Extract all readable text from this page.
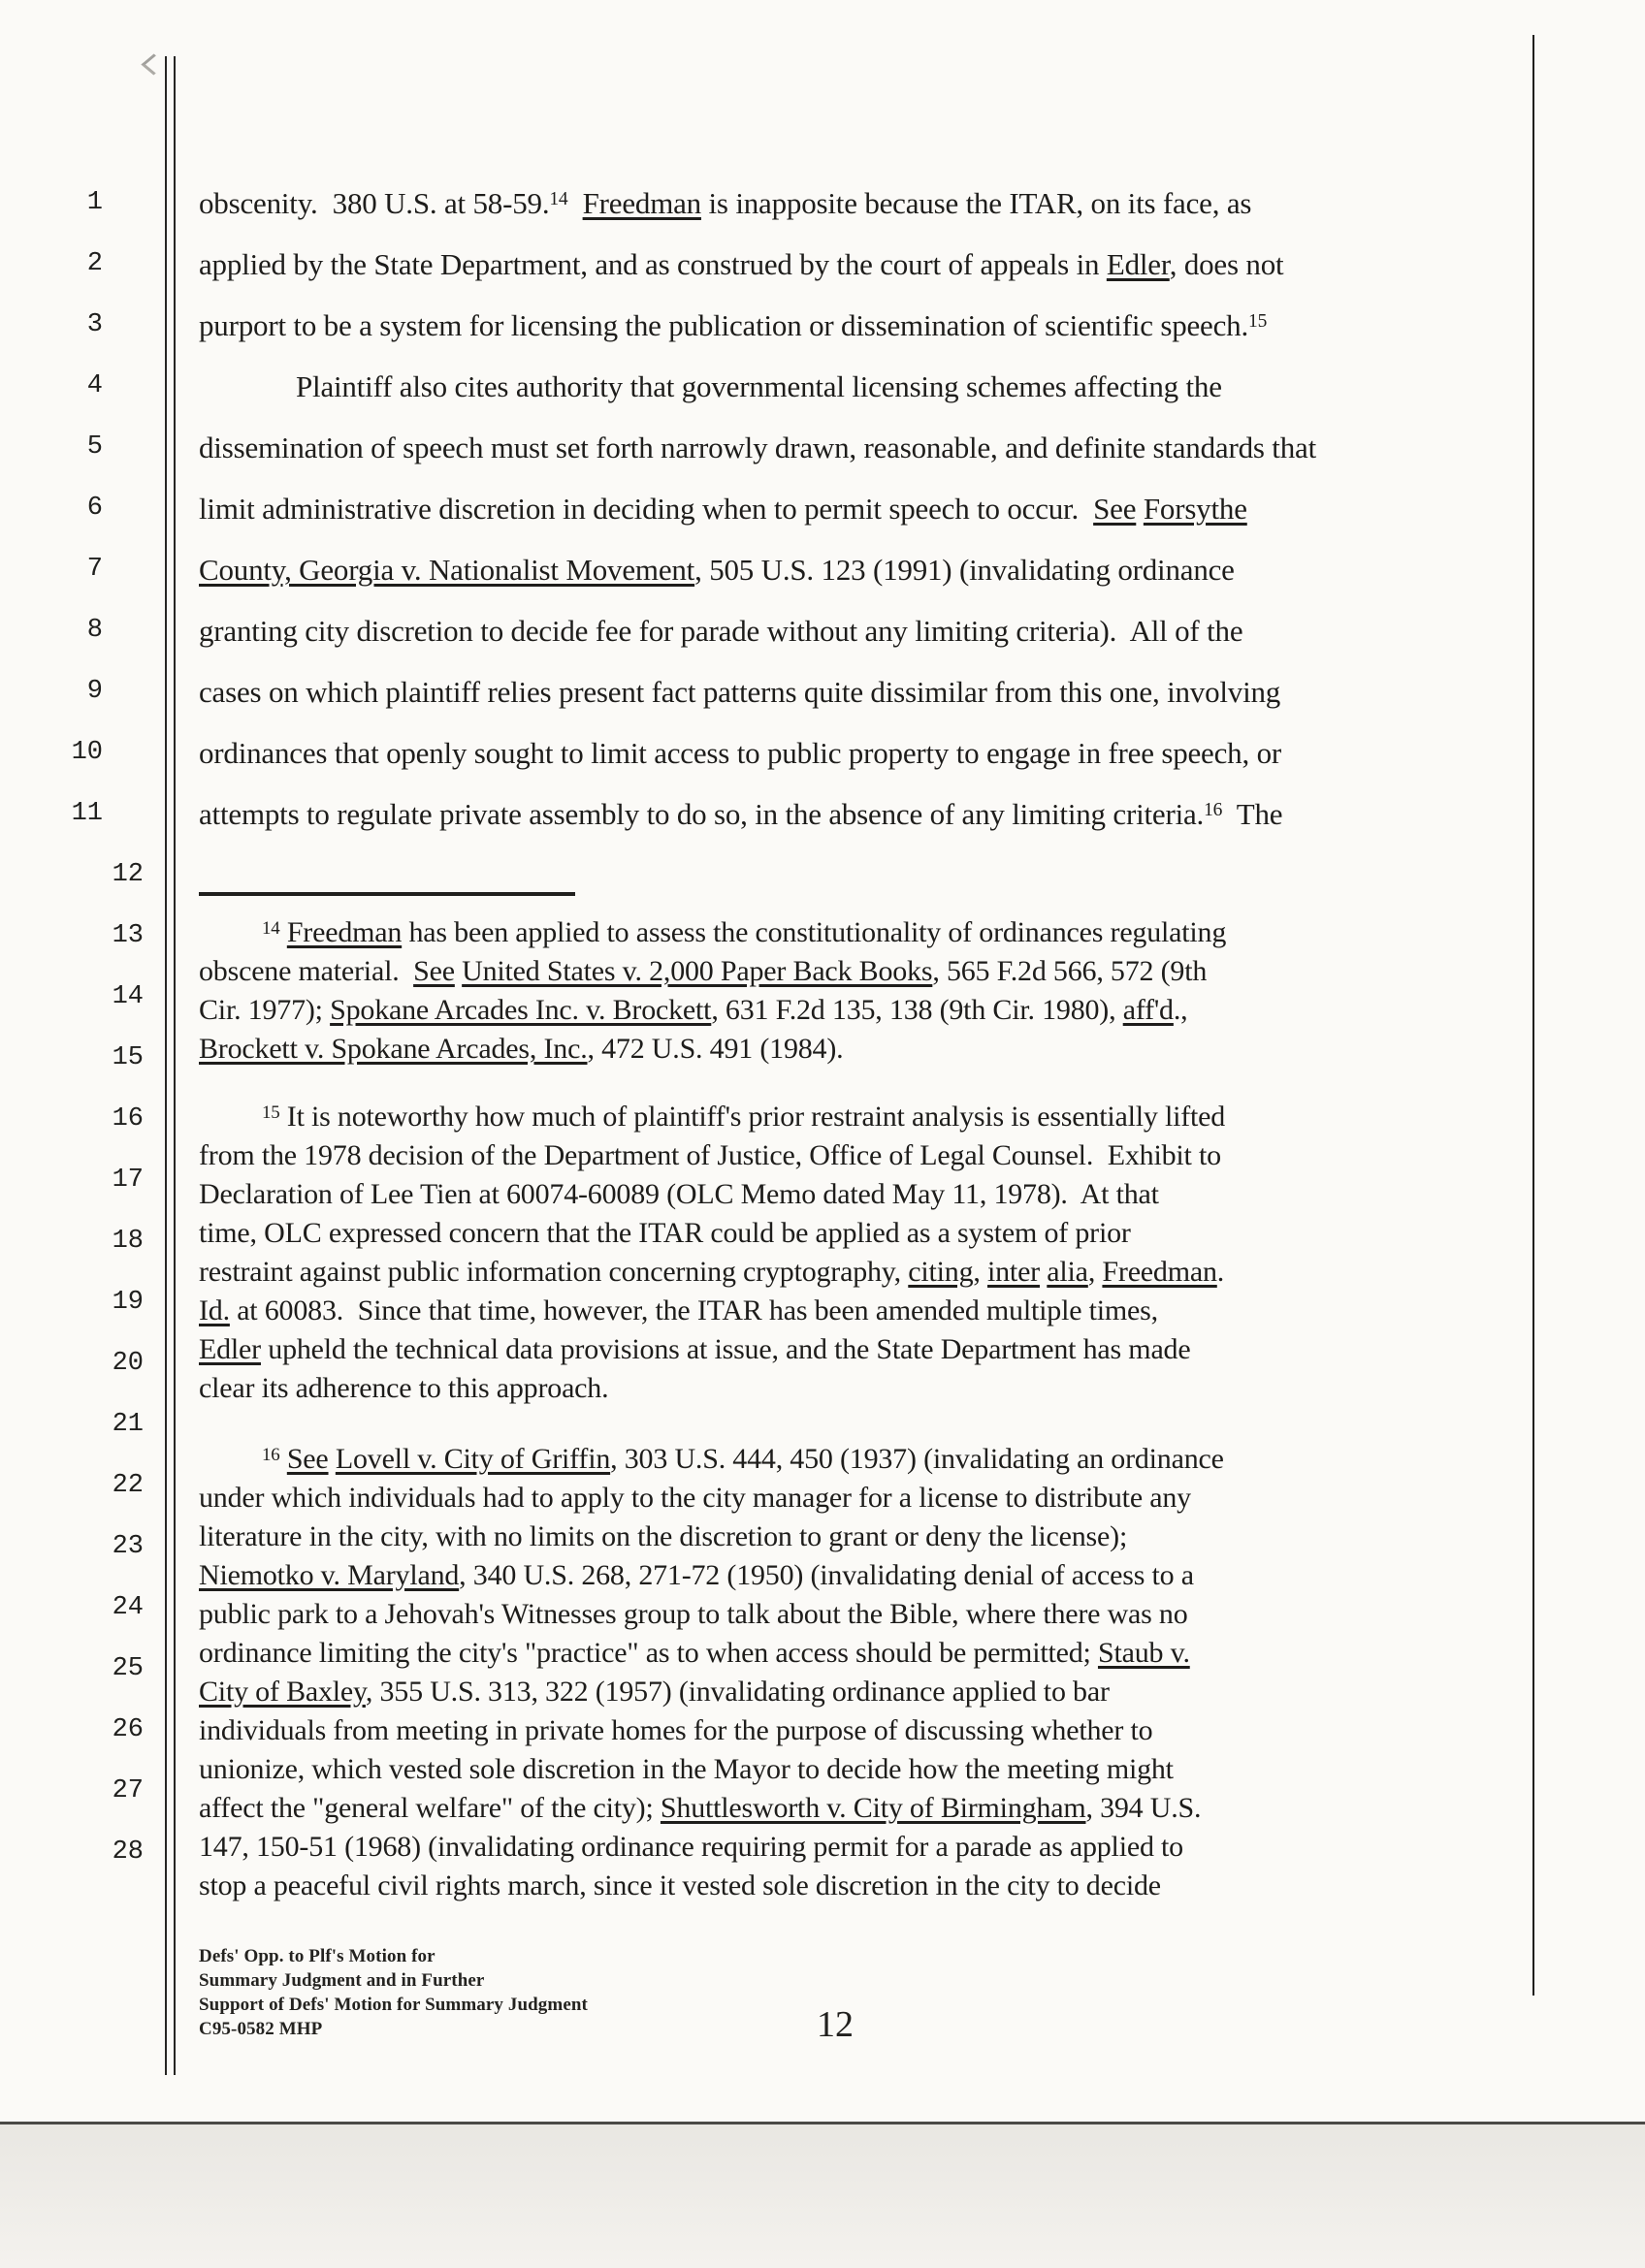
1
2
3
4
5
6
7
8
9
10
11
12
13
14
15
16
17
18
19
20
21
22
23
24
25
26
27
28
obscenity.  380 U.S. at 58-59.14 Freedman is inapposite because the ITAR, on its face, as
applied by the State Department, and as construed by the court of appeals in Edler, does not
purport to be a system for licensing the publication or dissemination of scientific speech.$^{15}$
Plaintiff also cites authority that governmental licensing schemes affecting the
dissemination of speech must set forth narrowly drawn, reasonable, and definite standards that
limit administrative discretion in deciding when to permit speech to occur.  See Forsythe
County, Georgia v. Nationalist Movement, 505 U.S. 123 (1991) (invalidating ordinance
granting city discretion to decide fee for parade without any limiting criteria).  All of the
cases on which plaintiff relies present fact patterns quite dissimilar from this one, involving
ordinances that openly sought to limit access to public property to engage in free speech, or
attempts to regulate private assembly to do so, in the absence of any limiting criteria.$^{16}$  The
$^{14}$ Freedman has been applied to assess the constitutionality of ordinances regulating
obscene material.  See United States v. 2,000 Paper Back Books, 565 F.2d 566, 572 (9th
Cir. 1977); Spokane Arcades Inc. v. Brockett, 631 F.2d 135, 138 (9th Cir. 1980), aff'd.,
Brockett v. Spokane Arcades, Inc., 472 U.S. 491 (1984).
$^{15}$ It is noteworthy how much of plaintiff's prior restraint analysis is essentially lifted
from the 1978 decision of the Department of Justice, Office of Legal Counsel.  Exhibit to
Declaration of Lee Tien at 60074-60089 (OLC Memo dated May 11, 1978).  At that
time, OLC expressed concern that the ITAR could be applied as a system of prior
restraint against public information concerning cryptography, citing, inter alia, Freedman.
Id. at 60083.  Since that time, however, the ITAR has been amended multiple times,
Edler upheld the technical data provisions at issue, and the State Department has made
clear its adherence to this approach.
$^{16}$ See Lovell v. City of Griffin, 303 U.S. 444, 450 (1937) (invalidating an ordinance
under which individuals had to apply to the city manager for a license to distribute any
literature in the city, with no limits on the discretion to grant or deny the license);
Niemotko v. Maryland, 340 U.S. 268, 271-72 (1950) (invalidating denial of access to a
public park to a Jehovah's Witnesses group to talk about the Bible, where there was no
ordinance limiting the city's "practice" as to when access should be permitted; Staub v.
City of Baxley, 355 U.S. 313, 322 (1957) (invalidating ordinance applied to bar
individuals from meeting in private homes for the purpose of discussing whether to
unionize, which vested sole discretion in the Mayor to decide how the meeting might
affect the "general welfare" of the city); Shuttlesworth v. City of Birmingham, 394 U.S.
147, 150-51 (1968) (invalidating ordinance requiring permit for a parade as applied to
stop a peaceful civil rights march, since it vested sole discretion in the city to decide
Defs' Opp. to Plf's Motion for
Summary Judgment and in Further
Support of Defs' Motion for Summary Judgment
C95-0582 MHP	12
